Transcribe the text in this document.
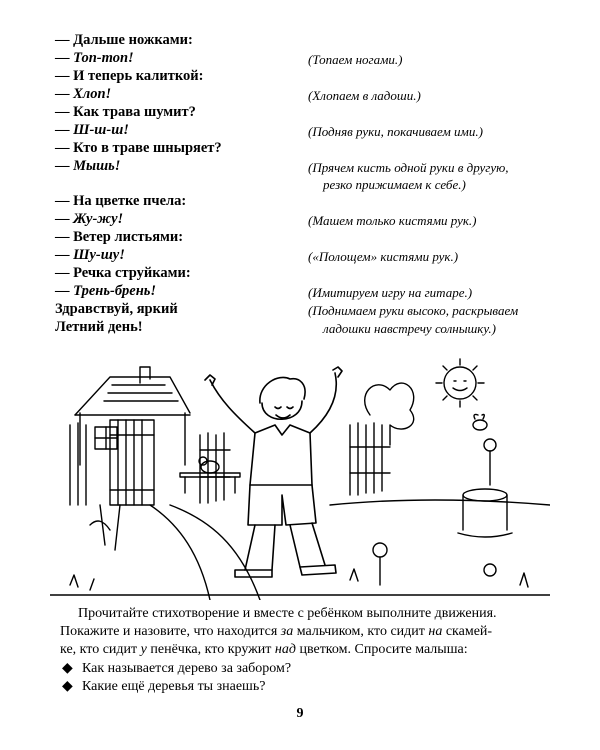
— Дальше ножками:
— Топ-топ!	(Топаем ногами.)
— И теперь калиткой:
— Хлоп!	(Хлопаем в ладоши.)
— Как трава шумит?
— Ш-ш-ш!	(Подняв руки, покачиваем ими.)
— Кто в траве шныряет?
— Мышь!	(Прячем кисть одной руки в другую,
резко прижимаем к себе.)
— На цветке пчела:
— Жу-жу!	(Машем только кистями рук.)
— Ветер листьями:
— Шу-шу!	(«Полощем» кистями рук.)
— Речка струйками:
— Трень-брень!	(Имитируем игру на гитаре.)
Здравствуй, яркий	(Поднимаем руки высоко, раскрываем
Летний день!	ладошки навстречу солнышку.)
Прочитайте стихотворение и вместе с ребёнком выполните движения.
Покажите и назовите, что находится за мальчиком, кто сидит на скамей-
ке, кто сидит у пенёчка, кто кружит над цветком. Спросите малыша:
◆ Как называется дерево за забором?
◆ Какие ещё деревья ты знаешь?
9
